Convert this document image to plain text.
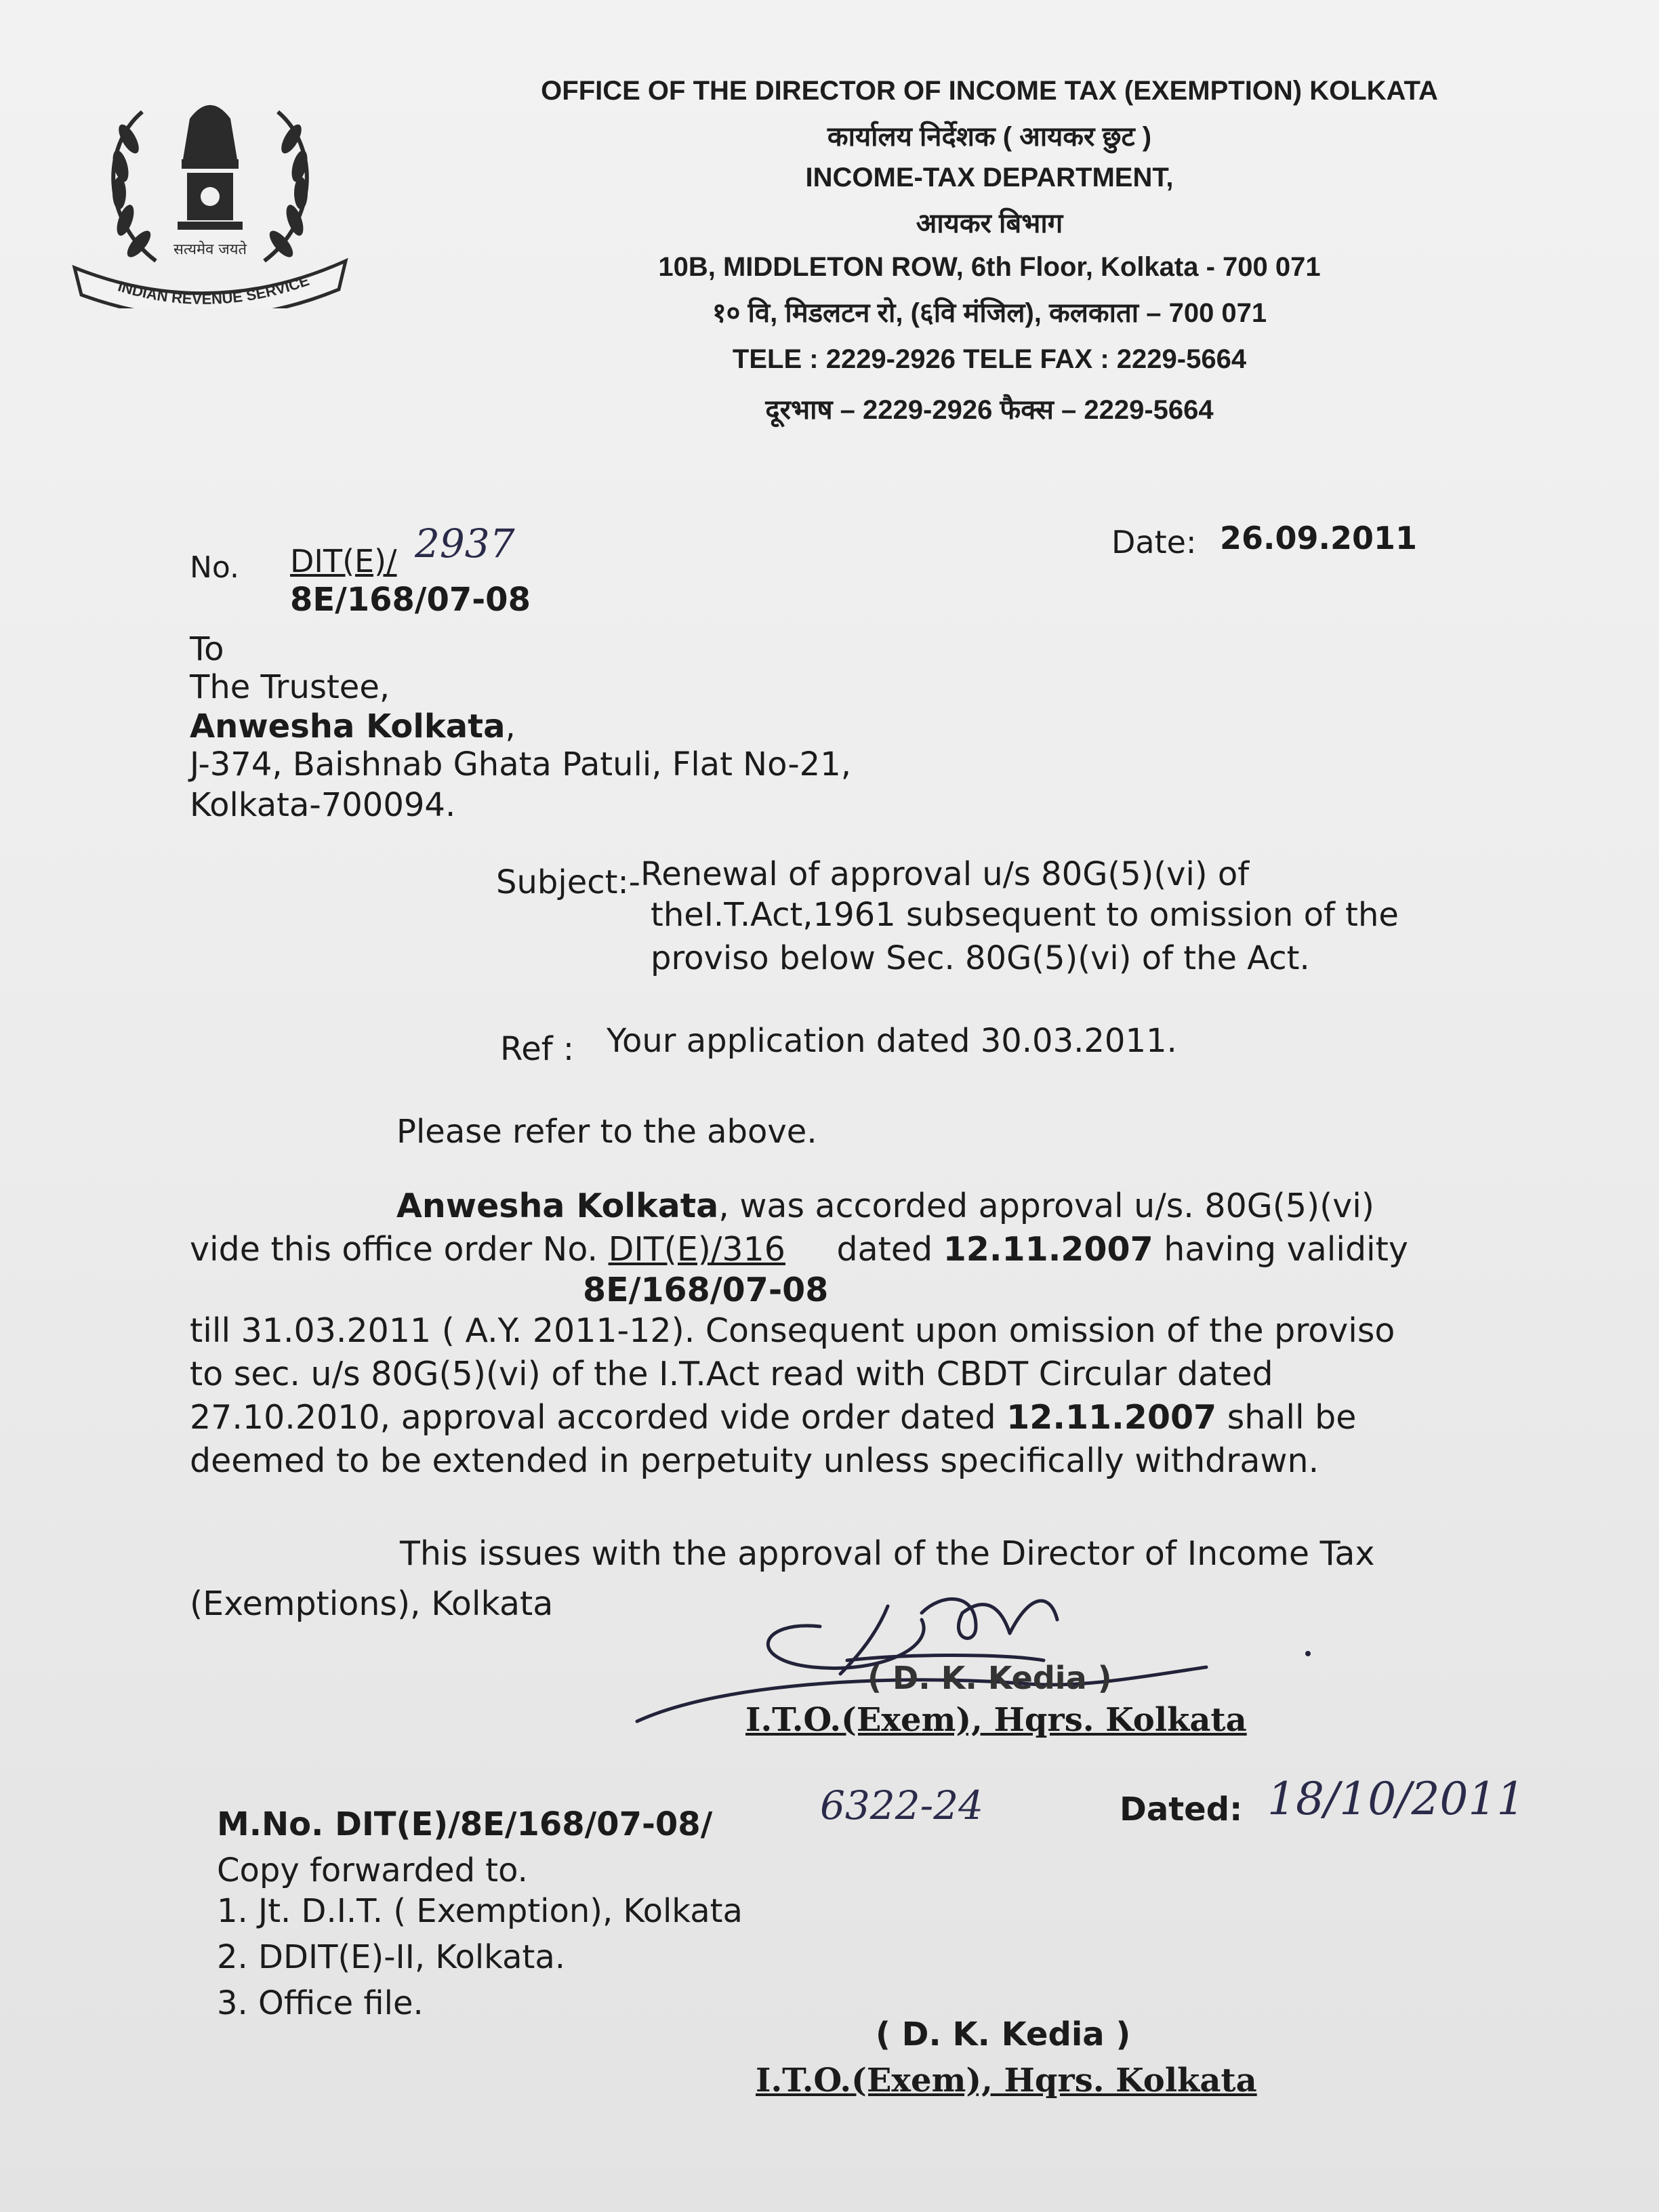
सत्यमेव जयते
INDIAN REVENUE SERVICE
OFFICE OF THE DIRECTOR OF INCOME TAX (EXEMPTION) KOLKATA
कार्यालय निर्देशक ( आयकर छुट )
INCOME-TAX DEPARTMENT,
आयकर बिभाग
10B, MIDDLETON ROW, 6th Floor, Kolkata - 700 071
१० वि, मिडलटन रो, (६वि मंजिल), कलकाता – 700 071
TELE : 2229-2926 TELE FAX : 2229-5664
दूरभाष – 2229-2926 फैक्स – 2229-5664
No. DIT(E)/ 2937
8E/168/07-08
Date: 26.09.2011
To
The Trustee,
Anwesha Kolkata,
J-374, Baishnab Ghata Patuli, Flat No-21,
Kolkata-700094.
Subject:- Renewal of approval u/s 80G(5)(vi) of
theI.T.Act,1961 subsequent to omission of the
proviso below Sec. 80G(5)(vi) of the Act.
Ref : Your application dated 30.03.2011.
Please refer to the above.
Anwesha Kolkata, was accorded approval u/s. 80G(5)(vi)
vide this office order No. DIT(E)/316 dated 12.11.2007 having validity
8E/168/07-08
till 31.03.2011 ( A.Y. 2011-12). Consequent upon omission of the proviso
to sec. u/s 80G(5)(vi) of the I.T.Act read with CBDT Circular dated
27.10.2010, approval accorded vide order dated 12.11.2007 shall be
deemed to be extended in perpetuity unless specifically withdrawn.
This issues with the approval of the Director of Income Tax
(Exemptions), Kolkata
( D. K. Kedia )
I.T.O.(Exem), Hqrs. Kolkata
M.No. DIT(E)/8E/168/07-08/	6322-24	Dated: 18/10/2011
Copy forwarded to.
1. Jt. D.I.T. ( Exemption), Kolkata
2. DDIT(E)-II, Kolkata.
3. Office file.
( D. K. Kedia )
I.T.O.(Exem), Hqrs. Kolkata
